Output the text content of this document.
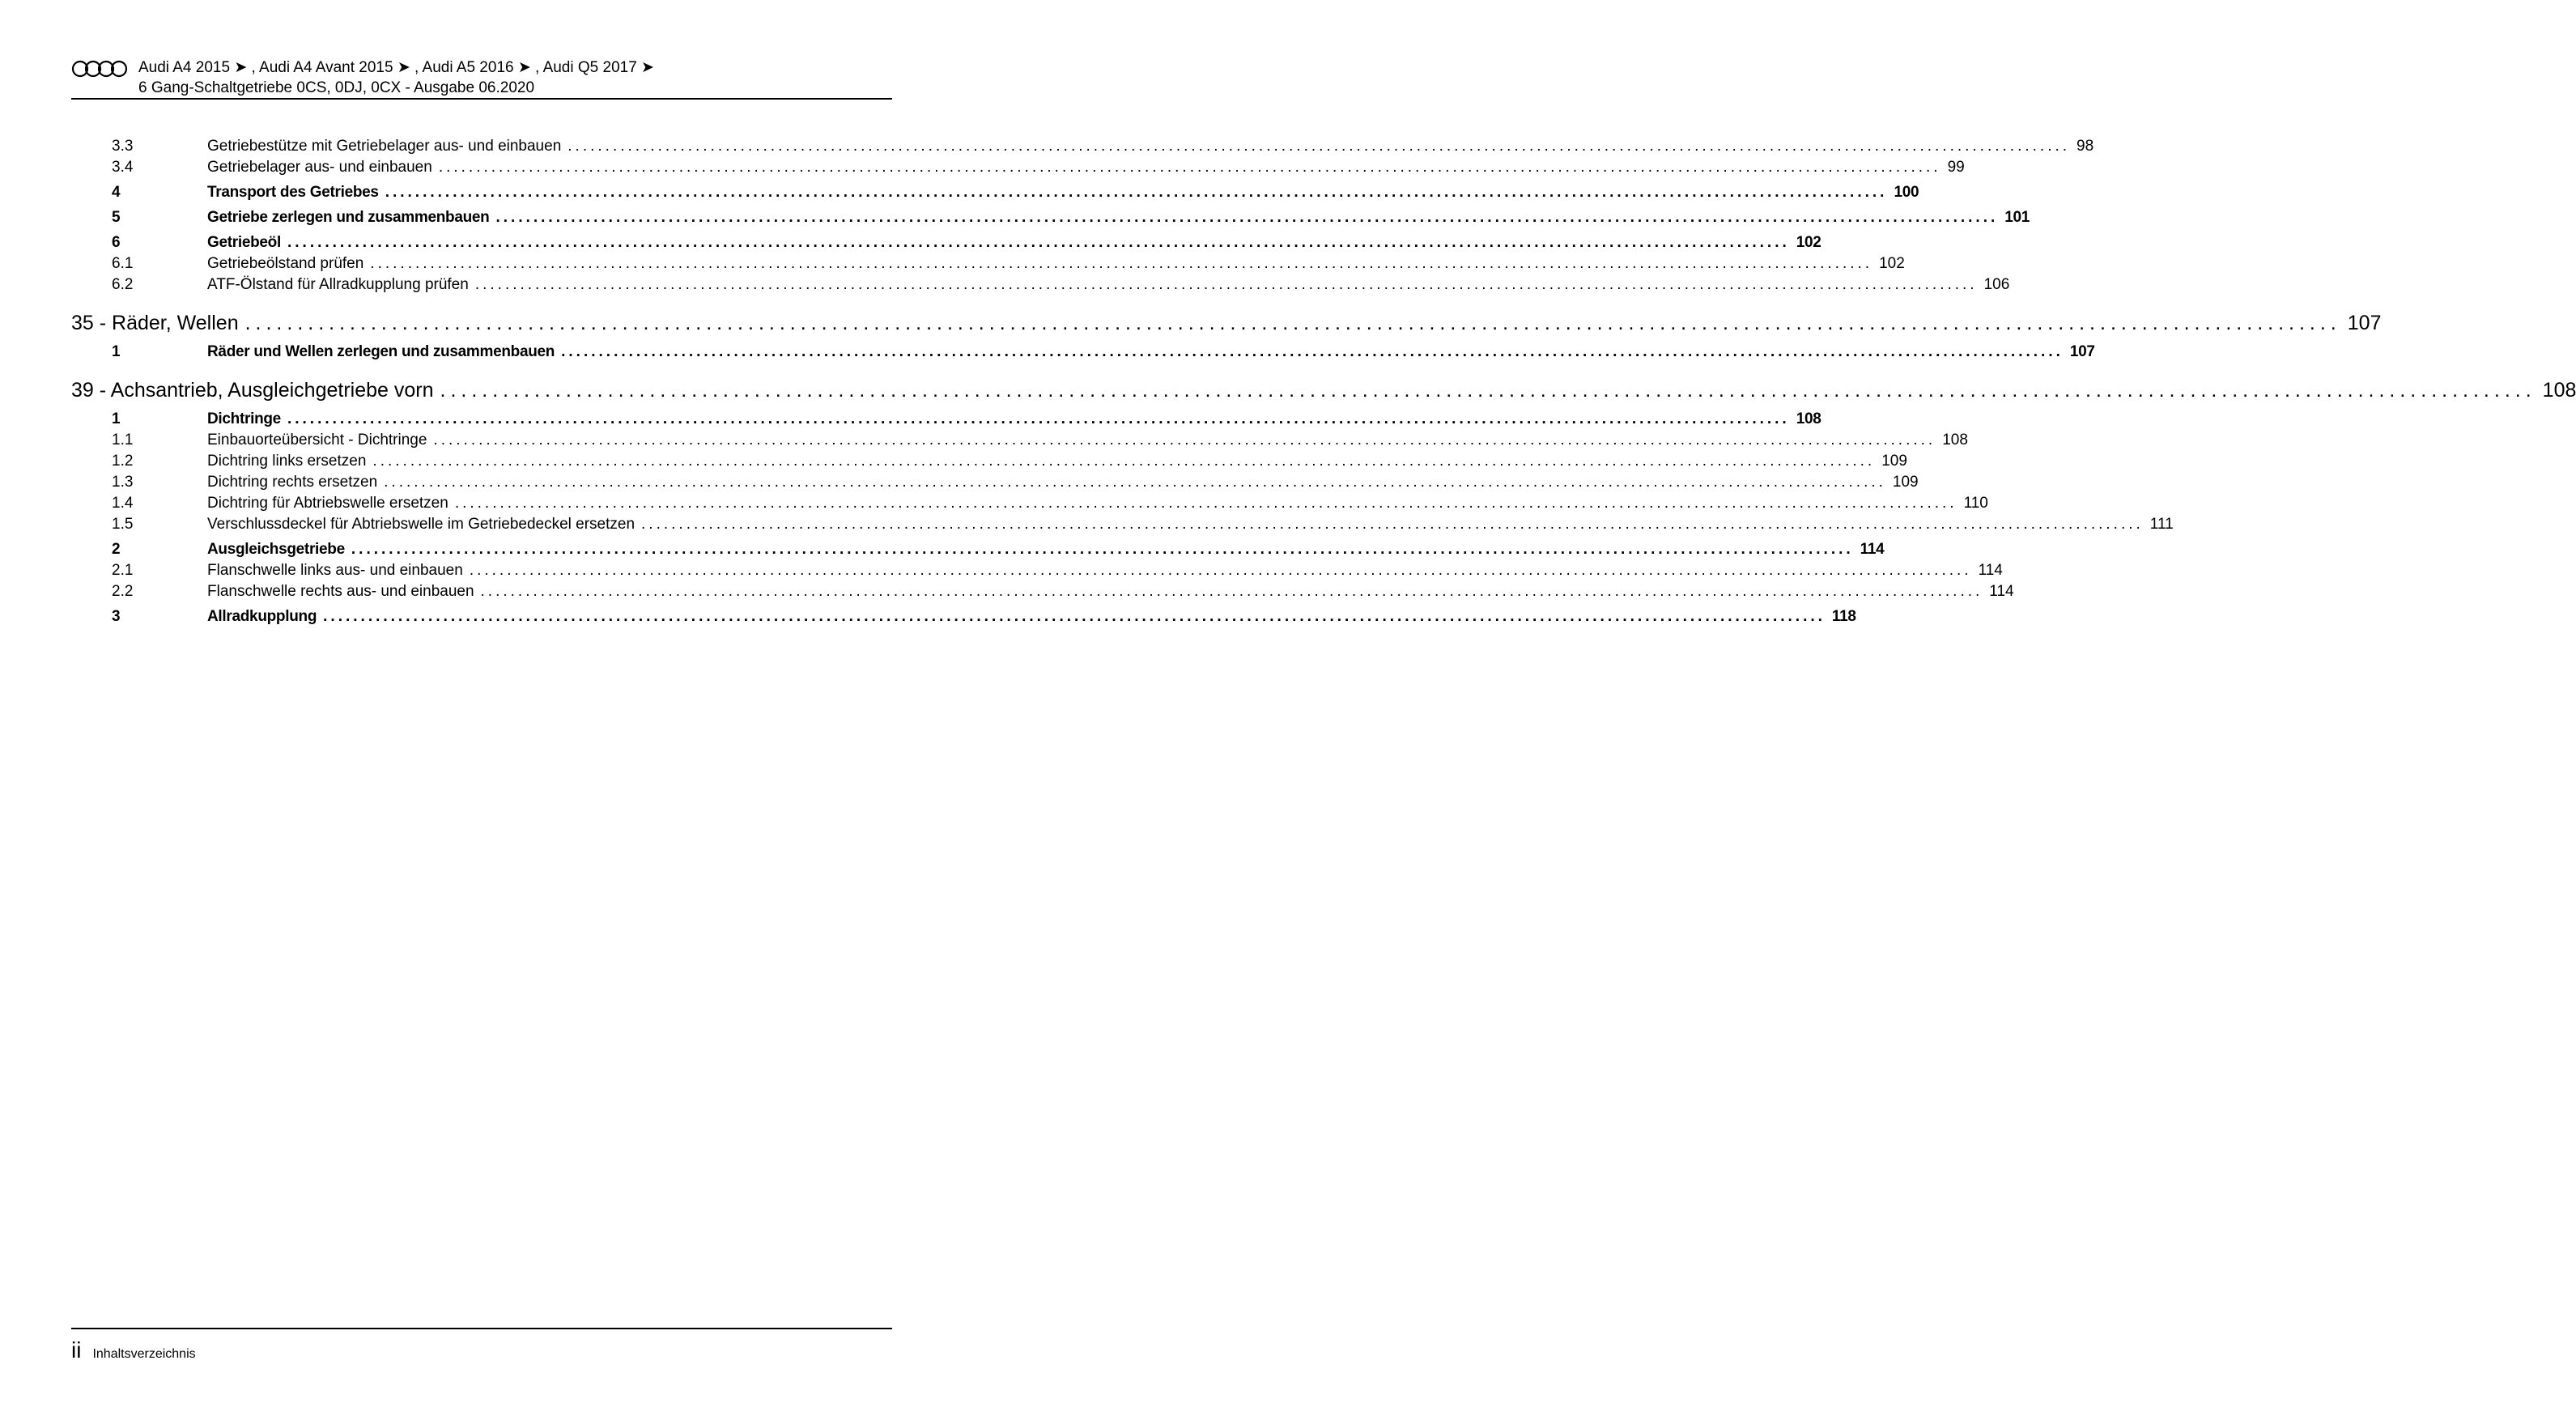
Audi A4 2015 ➤ , Audi A4 Avant 2015 ➤ , Audi A5 2016 ➤ , Audi Q5 2017 ➤
6 Gang-Schaltgetriebe 0CS, 0DJ, 0CX - Ausgabe 06.2020
3.3	Getriebestütze mit Getriebelager aus- und einbauen ........................................................................................................................................................................................................ 98
3.4	Getriebelager aus- und einbauen ........................................................................................................................................................................................................ 99
4	Transport des Getriebes ........................................................................................................................................................................................................ 100
5	Getriebe zerlegen und zusammenbauen ........................................................................................................................................................................................................ 101
6	Getriebeöl ........................................................................................................................................................................................................ 102
6.1	Getriebeölstand prüfen ........................................................................................................................................................................................................ 102
6.2	ATF-Ölstand für Allradkupplung prüfen ........................................................................................................................................................................................................ 106
35 - Räder, Wellen ........................................................................................................................................................................................................ 107
1	Räder und Wellen zerlegen und zusammenbauen ........................................................................................................................................................................................................ 107
39 - Achsantrieb, Ausgleichgetriebe vorn ........................................................................................................................................................................................................ 108
1	Dichtringe ........................................................................................................................................................................................................ 108
1.1	Einbauorteübersicht - Dichtringe ........................................................................................................................................................................................................ 108
1.2	Dichtring links ersetzen ........................................................................................................................................................................................................ 109
1.3	Dichtring rechts ersetzen ........................................................................................................................................................................................................ 109
1.4	Dichtring für Abtriebswelle ersetzen ........................................................................................................................................................................................................ 110
1.5	Verschlussdeckel für Abtriebswelle im Getriebedeckel ersetzen ........................................................................................................................................................................................................ 111
2	Ausgleichsgetriebe ........................................................................................................................................................................................................ 114
2.1	Flanschwelle links aus- und einbauen ........................................................................................................................................................................................................ 114
2.2	Flanschwelle rechts aus- und einbauen ........................................................................................................................................................................................................ 114
3	Allradkupplung ........................................................................................................................................................................................................ 118
ii Inhaltsverzeichnis
